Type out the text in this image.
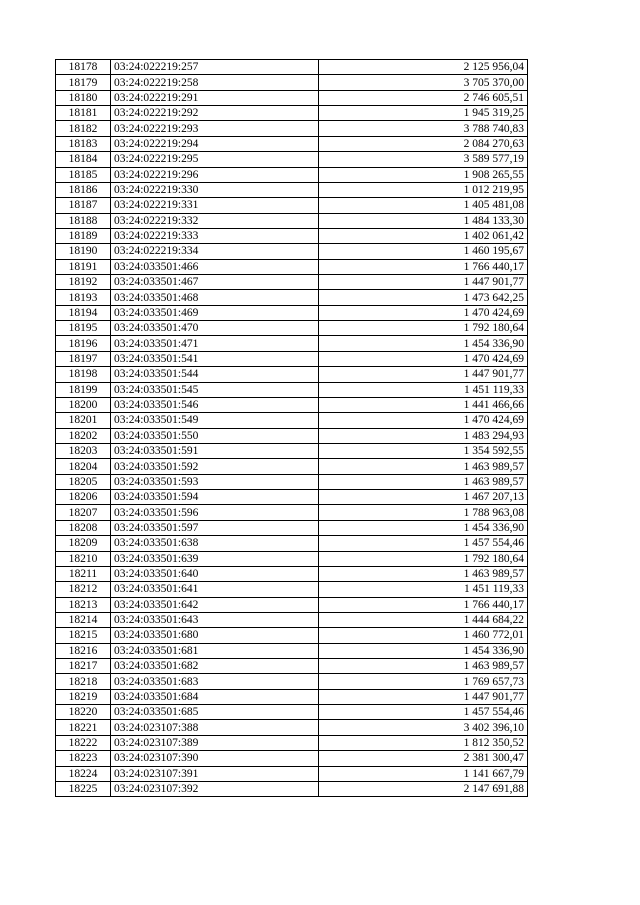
18178	03:24:022219:257	2 125 956,04
18179	03:24:022219:258	3 705 370,00
18180	03:24:022219:291	2 746 605,51
18181	03:24:022219:292	1 945 319,25
18182	03:24:022219:293	3 788 740,83
18183	03:24:022219:294	2 084 270,63
18184	03:24:022219:295	3 589 577,19
18185	03:24:022219:296	1 908 265,55
18186	03:24:022219:330	1 012 219,95
18187	03:24:022219:331	1 405 481,08
18188	03:24:022219:332	1 484 133,30
18189	03:24:022219:333	1 402 061,42
18190	03:24:022219:334	1 460 195,67
18191	03:24:033501:466	1 766 440,17
18192	03:24:033501:467	1 447 901,77
18193	03:24:033501:468	1 473 642,25
18194	03:24:033501:469	1 470 424,69
18195	03:24:033501:470	1 792 180,64
18196	03:24:033501:471	1 454 336,90
18197	03:24:033501:541	1 470 424,69
18198	03:24:033501:544	1 447 901,77
18199	03:24:033501:545	1 451 119,33
18200	03:24:033501:546	1 441 466,66
18201	03:24:033501:549	1 470 424,69
18202	03:24:033501:550	1 483 294,93
18203	03:24:033501:591	1 354 592,55
18204	03:24:033501:592	1 463 989,57
18205	03:24:033501:593	1 463 989,57
18206	03:24:033501:594	1 467 207,13
18207	03:24:033501:596	1 788 963,08
18208	03:24:033501:597	1 454 336,90
18209	03:24:033501:638	1 457 554,46
18210	03:24:033501:639	1 792 180,64
18211	03:24:033501:640	1 463 989,57
18212	03:24:033501:641	1 451 119,33
18213	03:24:033501:642	1 766 440,17
18214	03:24:033501:643	1 444 684,22
18215	03:24:033501:680	1 460 772,01
18216	03:24:033501:681	1 454 336,90
18217	03:24:033501:682	1 463 989,57
18218	03:24:033501:683	1 769 657,73
18219	03:24:033501:684	1 447 901,77
18220	03:24:033501:685	1 457 554,46
18221	03:24:023107:388	3 402 396,10
18222	03:24:023107:389	1 812 350,52
18223	03:24:023107:390	2 381 300,47
18224	03:24:023107:391	1 141 667,79
18225	03:24:023107:392	2 147 691,88
